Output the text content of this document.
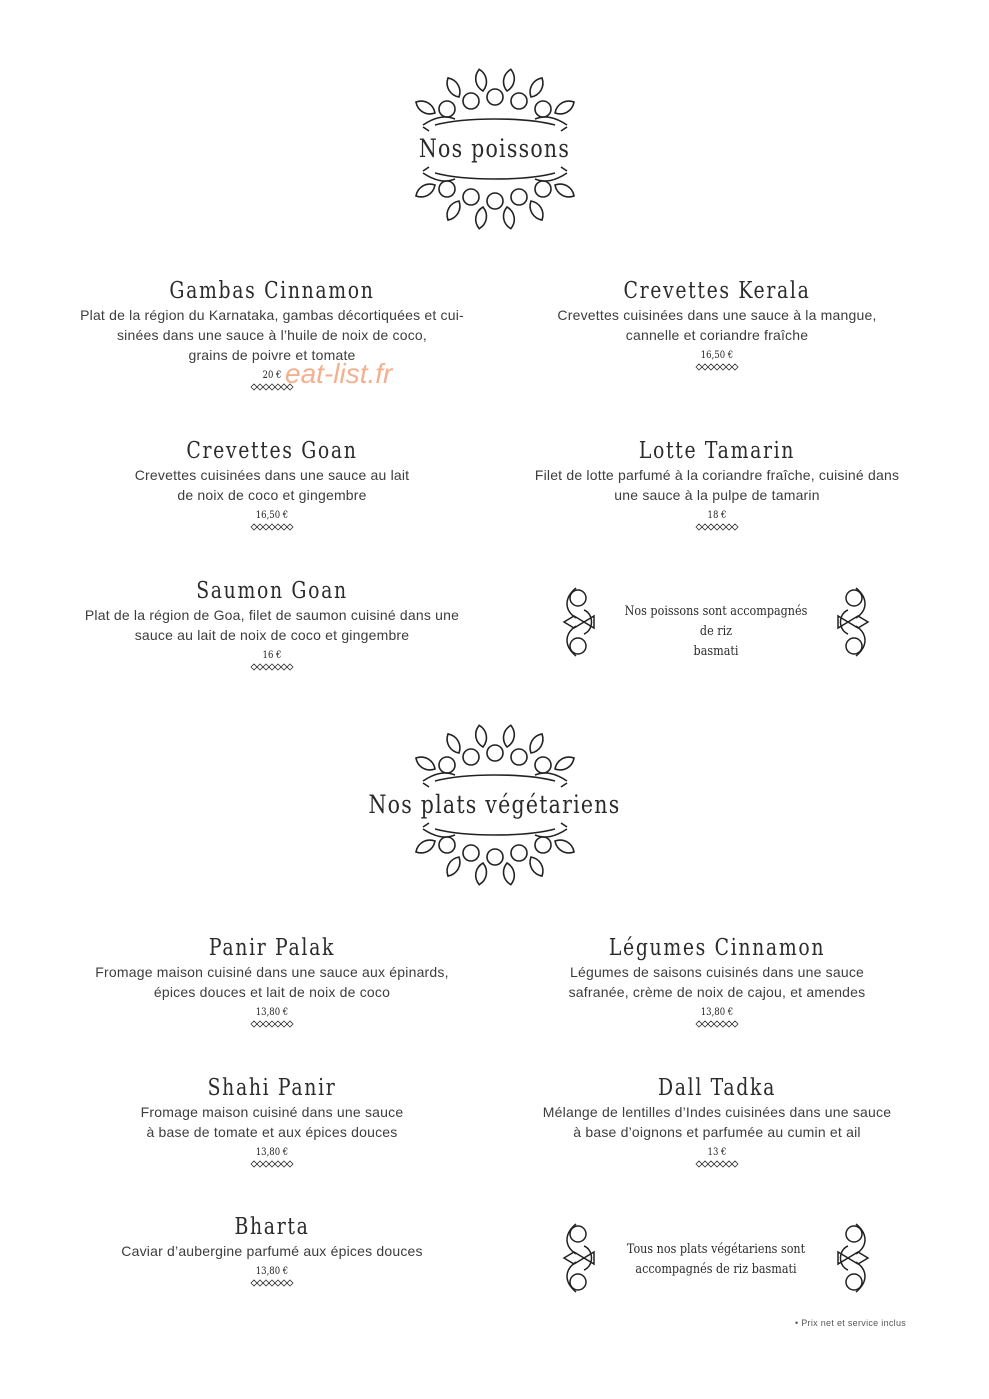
Nos poissons
Gambas Cinnamon
Plat de la région du Karnataka, gambas décortiquées et cui-
sinées dans une sauce à l’huile de noix de coco,
grains de poivre et tomate
20 €
Crevettes Kerala
Crevettes cuisinées dans une sauce à la mangue,
cannelle et coriandre fraîche
16,50 €
Crevettes Goan
Crevettes cuisinées dans une sauce au lait
de noix de coco et gingembre
16,50 €
Lotte Tamarin
Filet de lotte parfumé à la coriandre fraîche, cuisiné dans
une sauce à la pulpe de tamarin
18 €
Saumon Goan
Plat de la région de Goa, filet de saumon cuisiné dans une
sauce au lait de noix de coco et gingembre
16 €
Nos poissons sont accompagnés de riz
basmati
Nos plats végétariens
Panir Palak
Fromage maison cuisiné dans une sauce aux épinards,
épices douces et lait de noix de coco
13,80 €
Légumes Cinnamon
Légumes de saisons cuisinés dans une sauce
safranée, crème de noix de cajou, et amendes
13,80 €
Shahi Panir
Fromage maison cuisiné dans une sauce
à base de tomate et aux épices douces
13,80 €
Dall Tadka
Mélange de lentilles d’Indes cuisinées dans une sauce
à base d’oignons et parfumée au cumin et ail
13 €
Bharta
Caviar d’aubergine parfumé aux épices douces
13,80 €
Tous nos plats végétariens sont
accompagnés de riz basmati
eat-list.fr
• Prix net et service inclus
